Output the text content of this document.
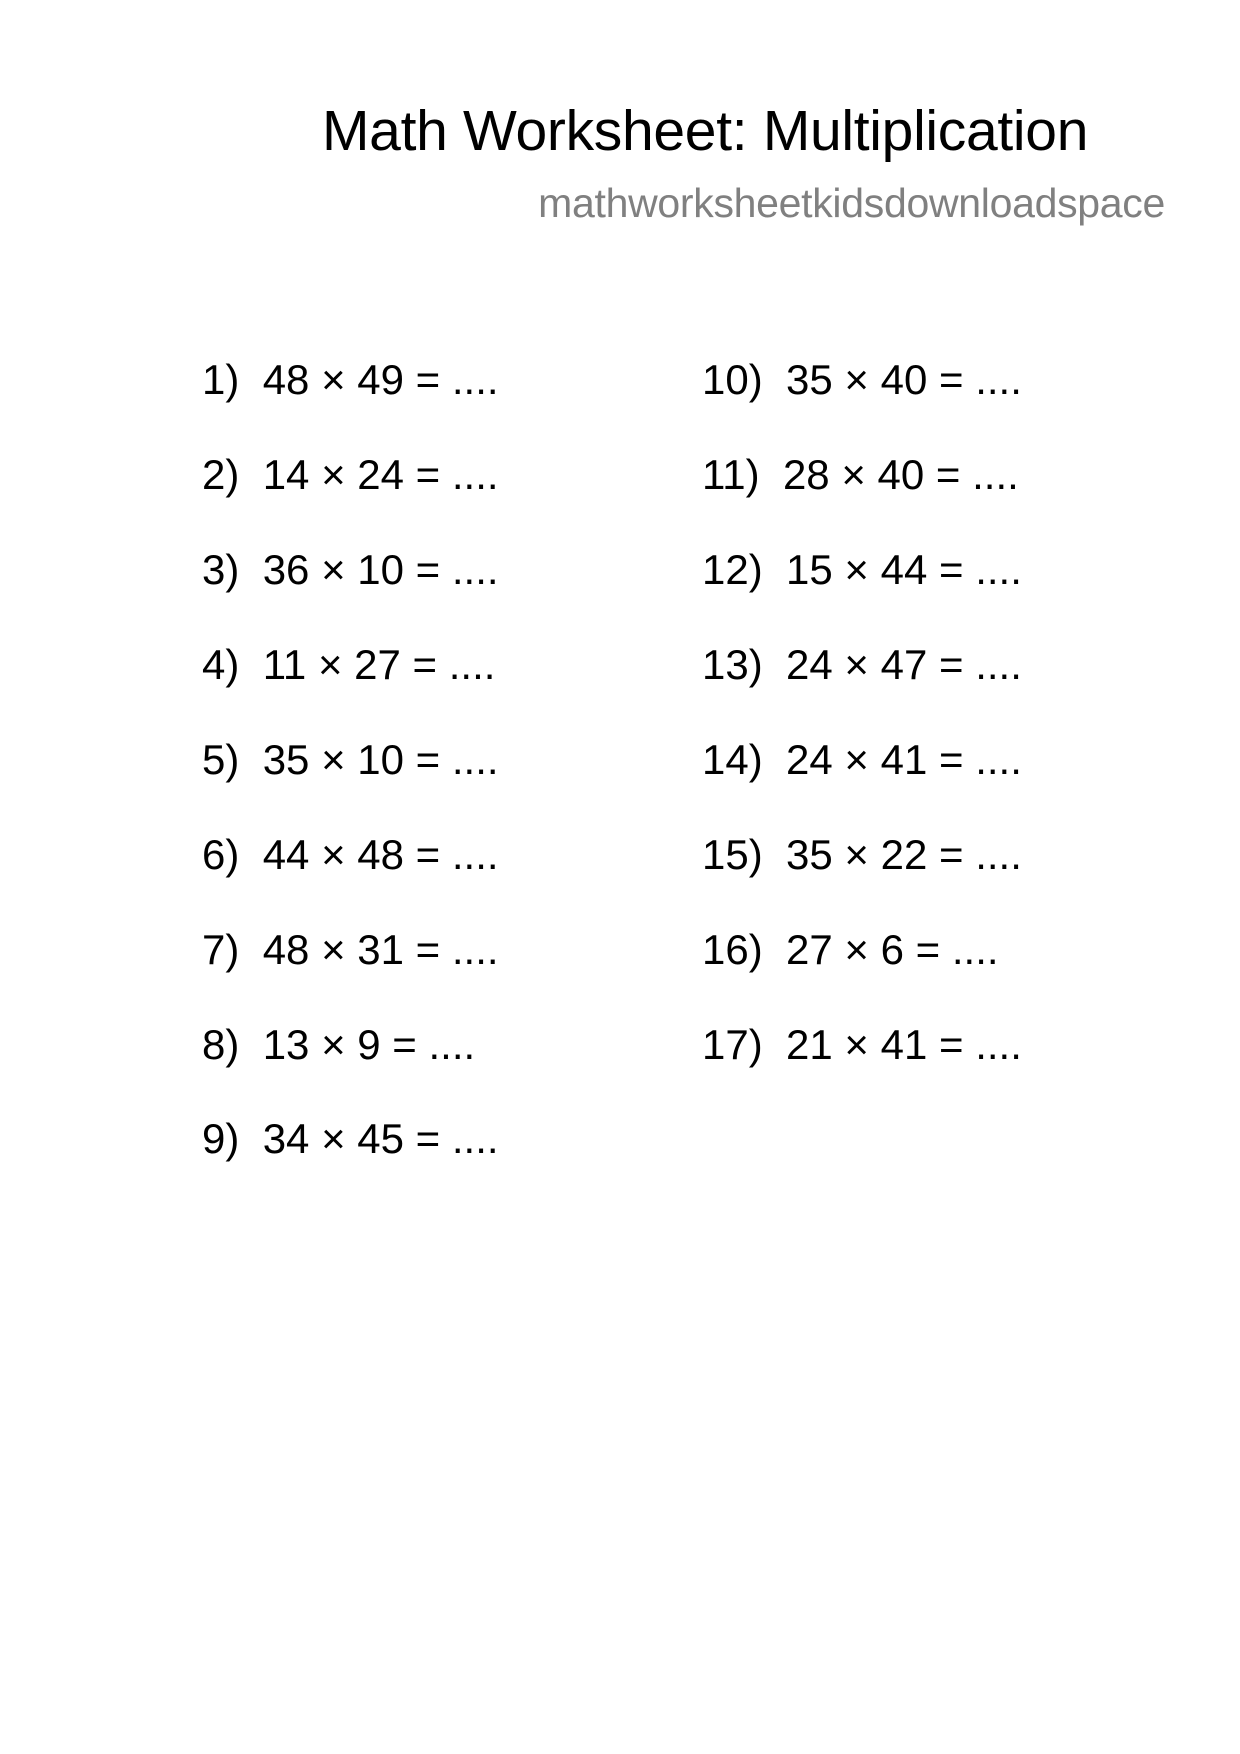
Math Worksheet: Multiplication
mathworksheetkidsdownloadspace
1)  48 × 49 = ....
2)  14 × 24 = ....
3)  36 × 10 = ....
4)  11 × 27 = ....
5)  35 × 10 = ....
6)  44 × 48 = ....
7)  48 × 31 = ....
8)  13 × 9 = ....
9)  34 × 45 = ....
10)  35 × 40 = ....
11)  28 × 40 = ....
12)  15 × 44 = ....
13)  24 × 47 = ....
14)  24 × 41 = ....
15)  35 × 22 = ....
16)  27 × 6 = ....
17)  21 × 41 = ....
